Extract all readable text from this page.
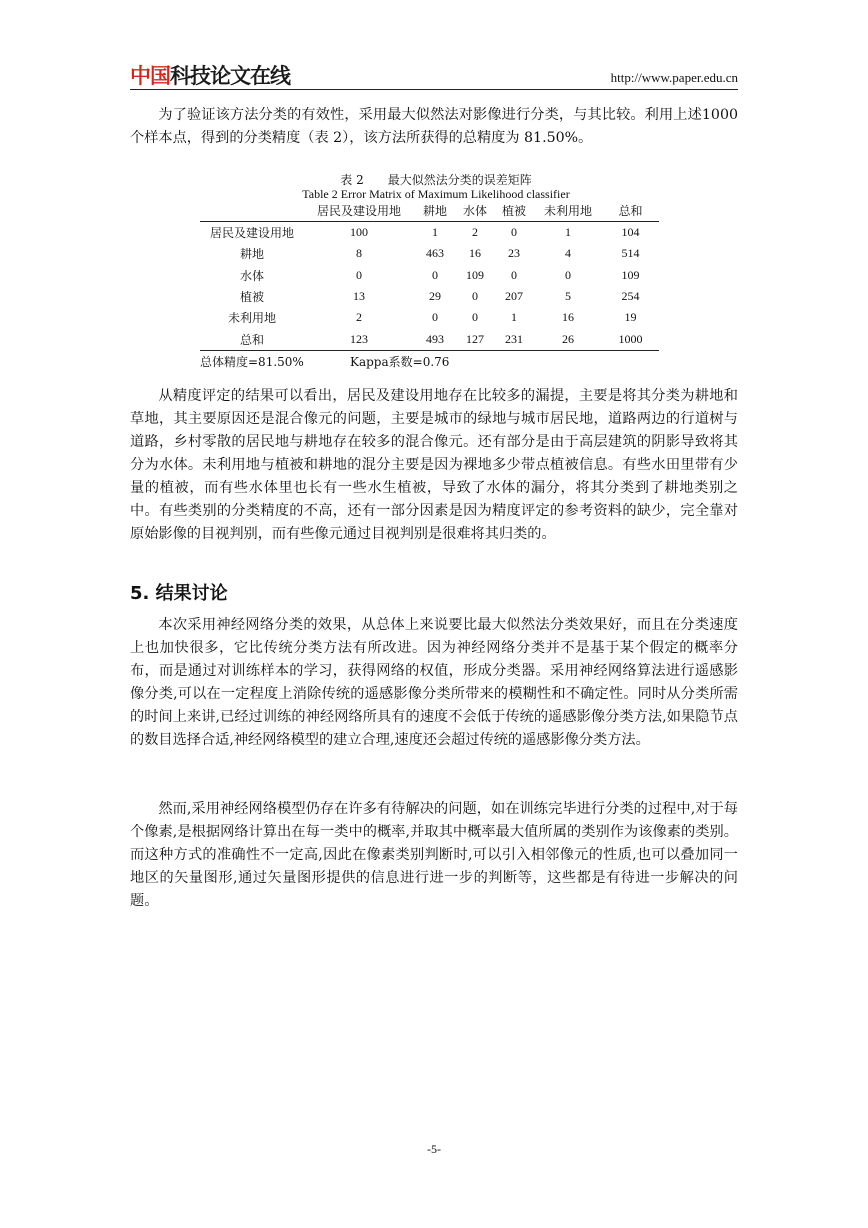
中国科技论文在线	http://www.paper.edu.cn

为了验证该方法分类的有效性，采用最大似然法对影像进行分类，与其比较。利用上述1000 个样本点，得到的分类精度（表 2），该方法所获得的总精度为 81.50%。

表 2　　最大似然法分类的误差矩阵
Table 2 Error Matrix of Maximum Likelihood classifier
	居民及建设用地	耕地	水体	植被	未利用地	总和
居民及建设用地	100	1	2	0	1	104
耕地	8	463	16	23	4	514
水体	0	0	109	0	0	109
植被	13	29	0	207	5	254
未利用地	2	0	0	1	16	19
总和	123	493	127	231	26	1000
总体精度=81.50%	Kappa系数=0.76

从精度评定的结果可以看出，居民及建设用地存在比较多的漏提，主要是将其分类为耕地和草地，其主要原因还是混合像元的问题，主要是城市的绿地与城市居民地，道路两边的行道树与道路，乡村零散的居民地与耕地存在较多的混合像元。还有部分是由于高层建筑的阴影导致将其分为水体。未利用地与植被和耕地的混分主要是因为裸地多少带点植被信息。有些水田里带有少量的植被，而有些水体里也长有一些水生植被，导致了水体的漏分，将其分类到了耕地类别之中。有些类别的分类精度的不高，还有一部分因素是因为精度评定的参考资料的缺少，完全靠对原始影像的目视判别，而有些像元通过目视判别是很难将其归类的。

5. 结果讨论

本次采用神经网络分类的效果，从总体上来说要比最大似然法分类效果好，而且在分类速度上也加快很多，它比传统分类方法有所改进。因为神经网络分类并不是基于某个假定的概率分布，而是通过对训练样本的学习，获得网络的权值，形成分类器。采用神经网络算法进行遥感影像分类,可以在一定程度上消除传统的遥感影像分类所带来的模糊性和不确定性。同时从分类所需的时间上来讲,已经过训练的神经网络所具有的速度不会低于传统的遥感影像分类方法,如果隐节点的数目选择合适,神经网络模型的建立合理,速度还会超过传统的遥感影像分类方法。

然而,采用神经网络模型仍存在许多有待解决的问题，如在训练完毕进行分类的过程中,对于每个像素,是根据网络计算出在每一类中的概率,并取其中概率最大值所属的类别作为该像素的类别。而这种方式的准确性不一定高,因此在像素类别判断时,可以引入相邻像元的性质,也可以叠加同一地区的矢量图形,通过矢量图形提供的信息进行进一步的判断等，这些都是有待进一步解决的问题。

-5-
